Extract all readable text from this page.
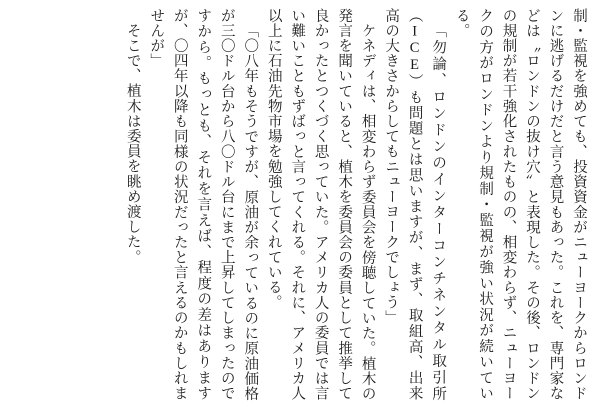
制・監視を強めても、投資資金がニューヨークからロンドンに逃げるだけだと言う意見もあった。これを、専門家などは〝ロンドンの抜け穴〟と表現した。その後、ロンドンの規制が若干強化されたものの、相変わらず、ニューヨークの方がロンドンより規制・監視が強い状況が続いている。

「勿論、ロンドンのインターコンチネンタル取引所（ICE）も問題とは思いますが、まず、取組高、出来高の大きさからしてもニューヨークでしょう」

ケネディは、相変わらず委員会を傍聴していた。植木の発言を聞いていると、植木を委員会の委員として推挙して良かったとつくづく思っていた。アメリカ人の委員では言い難いこともずばっと言ってくれる。それに、アメリカ人以上に石油先物市場を勉強してくれている。

「〇八年もそうですが、原油が余っているのに原油価格が三〇ドル台から八〇ドル台にまで上昇してしまったのですから。もっとも、それを言えば、程度の差はありますが、〇四年以降も同様の状況だったと言えるのかもしれませんが」

そこで、植木は委員を眺め渡した。
